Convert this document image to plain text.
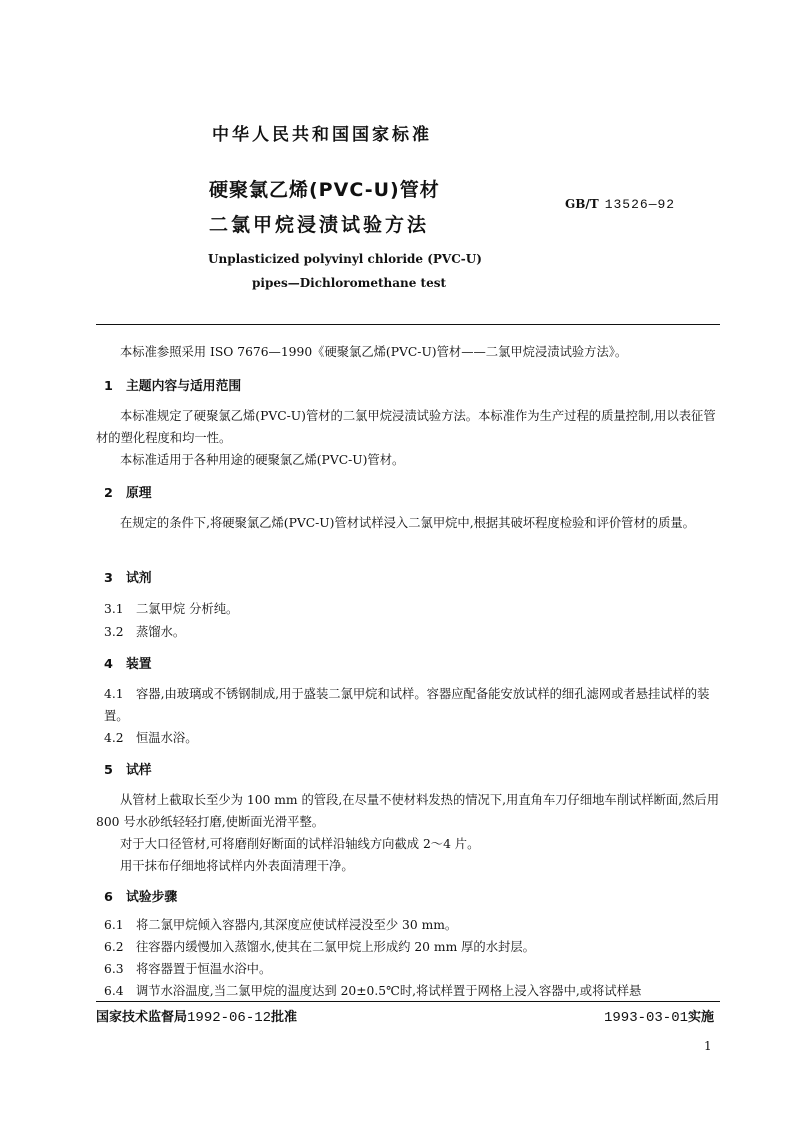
中华人民共和国国家标准
硬聚氯乙烯(PVC-U)管材
二氯甲烷浸渍试验方法
GB/T 13526—92
Unplasticized polyvinyl chloride (PVC-U)
pipes—Dichloromethane test
本标准参照采用 ISO 7676—1990《硬聚氯乙烯(PVC-U)管材——二氯甲烷浸渍试验方法》。
1 主题内容与适用范围
本标准规定了硬聚氯乙烯(PVC-U)管材的二氯甲烷浸渍试验方法。本标准作为生产过程的质量控制,用以表征管材的塑化程度和均一性。
本标准适用于各种用途的硬聚氯乙烯(PVC-U)管材。
2 原理
在规定的条件下,将硬聚氯乙烯(PVC-U)管材试样浸入二氯甲烷中,根据其破坏程度检验和评价管材的质量。
3 试剂
3.1 二氯甲烷 分析纯。
3.2 蒸馏水。
4 装置
4.1 容器,由玻璃或不锈钢制成,用于盛装二氯甲烷和试样。容器应配备能安放试样的细孔滤网或者悬挂试样的装置。
4.2 恒温水浴。
5 试样
从管材上截取长至少为 100 mm 的管段,在尽量不使材料发热的情况下,用直角车刀仔细地车削试样断面,然后用 800 号水砂纸轻轻打磨,使断面光滑平整。
对于大口径管材,可将磨削好断面的试样沿轴线方向截成 2～4 片。
用干抹布仔细地将试样内外表面清理干净。
6 试验步骤
6.1 将二氯甲烷倾入容器内,其深度应使试样浸没至少 30 mm。
6.2 往容器内缓慢加入蒸馏水,使其在二氯甲烷上形成约 20 mm 厚的水封层。
6.3 将容器置于恒温水浴中。
6.4 调节水浴温度,当二氯甲烷的温度达到 20±0.5℃时,将试样置于网格上浸入容器中,或将试样悬
国家技术监督局1992-06-12批准	1993-03-01实施
1
